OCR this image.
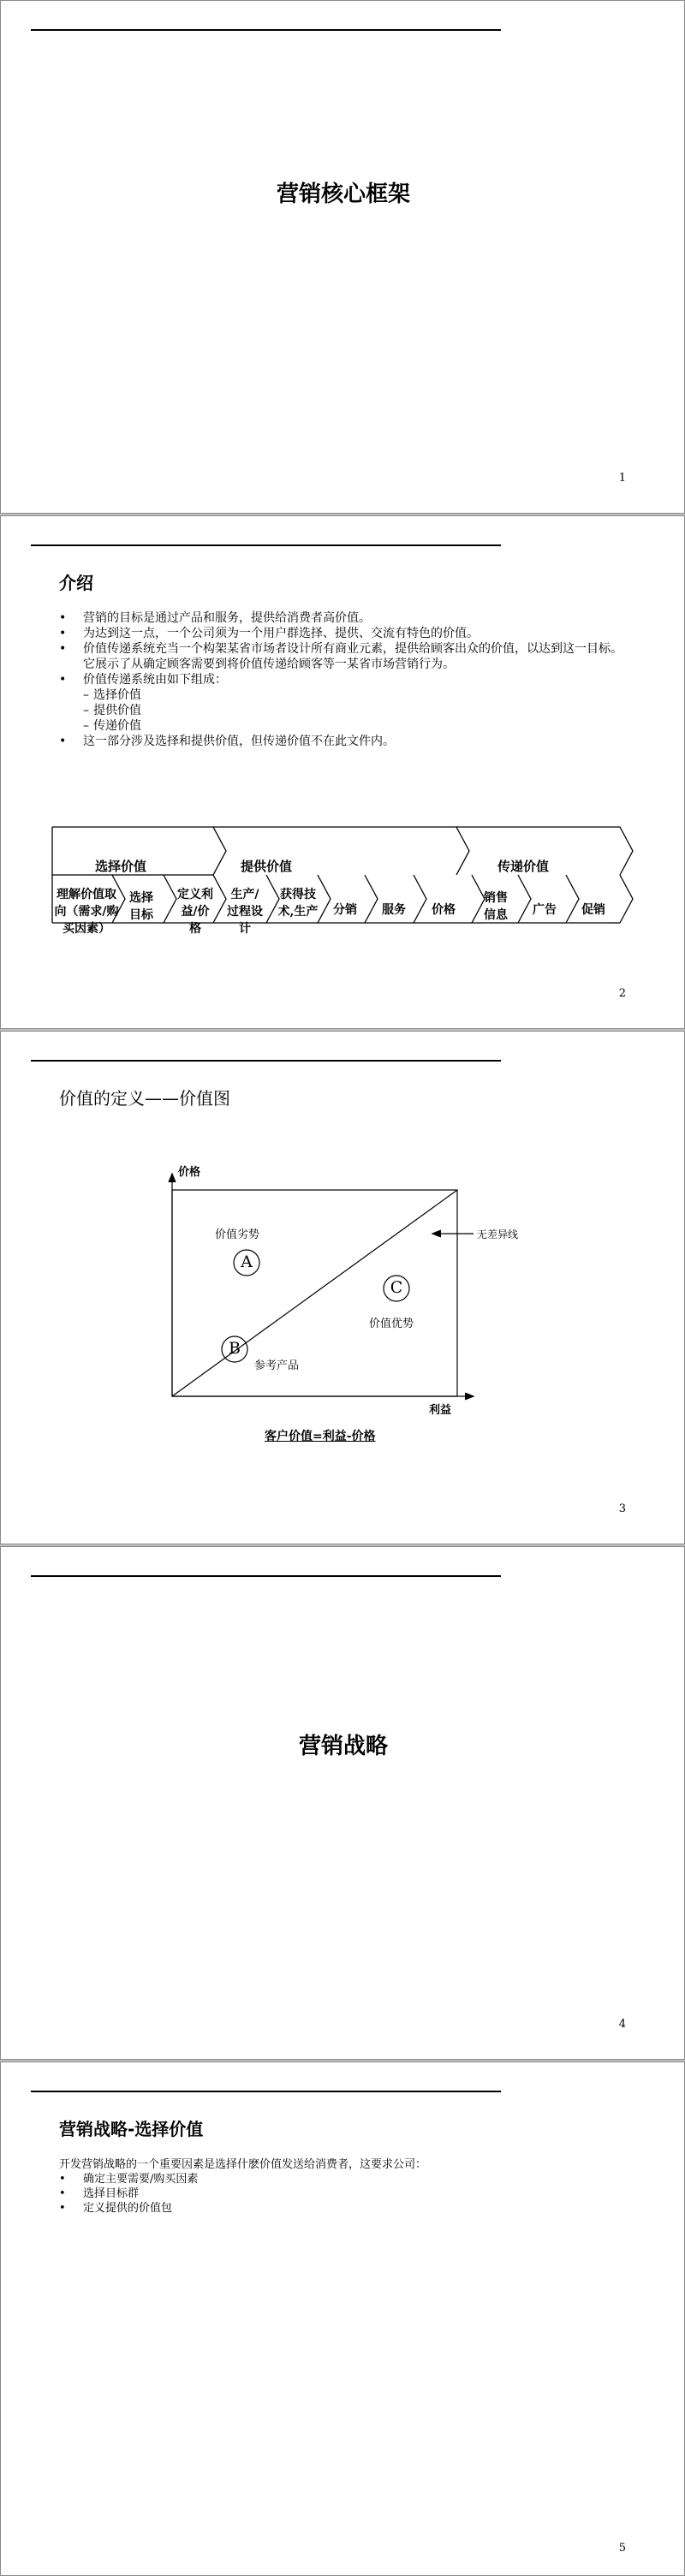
营销核心框架
1
介绍
• 营销的目标是通过产品和服务，提供给消费者高价值。
• 为达到这一点，一个公司须为一个用户群选择、提供、交流有特色的价值。
• 价值传递系统充当一个构架某省市场者设计所有商业元素，提供给顾客出众的价值，以达到这一目标。它展示了从确定顾客需要到将价值传递给顾客等一某省市场营销行为。
• 价值传递系统由如下组成：
– 选择价值
– 提供价值
– 传递价值
• 这一部分涉及选择和提供价值，但传递价值不在此文件内。
选择价值	提供价值	传递价值
理解价值取向（需求/购买因素）
选择目标
定义利益/价格
生产/过程设计
获得技术,生产	分销	服务	价格
销售信息	广告	促销
2
价值的定义——价值图
价格
利益
无差异线
A
B
C
价值劣势
参考产品
价值优势
客户价值=利益-价格
3
营销战略
4
营销战略-选择价值
开发营销战略的一个重要因素是选择什麽价值发送给消费者，这要求公司：
• 确定主要需要/购买因素
• 选择目标群
• 定义提供的价值包
5
